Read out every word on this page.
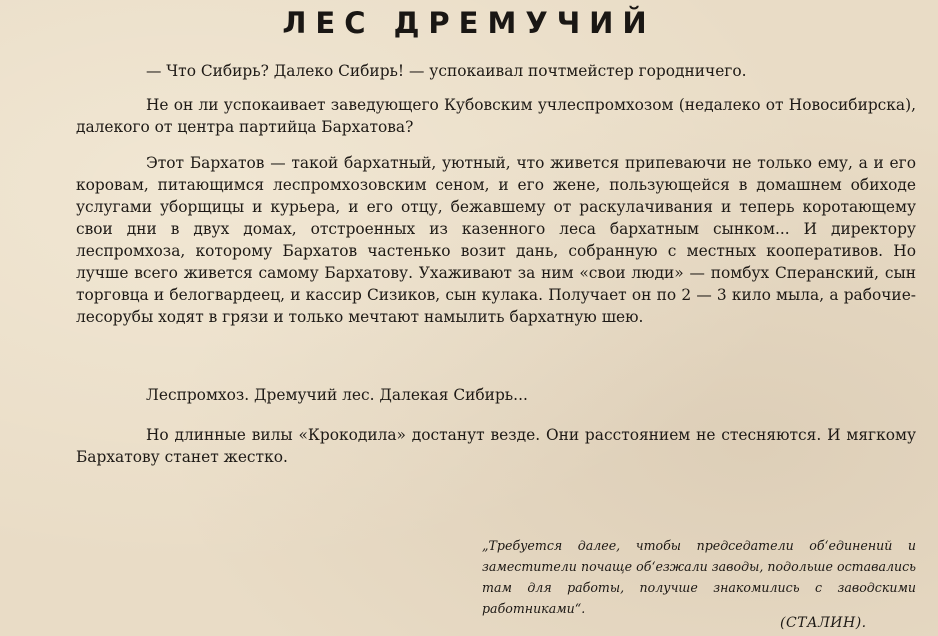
ЛЕС ДРЕМУЧИЙ

— Что Сибирь? Далеко Сибирь! — успокаивал почтмейстер городничего.

Не он ли успокаивает заведующего Кубовским учлеспромхозом (недалеко от Новосибирска), далекого от центра партийца Бархатова?

Этот Бархатов — такой бархатный, уютный, что живется припеваючи не только ему, а и его коровам, питающимся леспромхозовским сеном, и его жене, пользующейся в домашнем обиходе услугами уборщицы и курьера, и его отцу, бежавшему от раскулачивания и теперь коротающему свои дни в двух домах, отстроенных из казенного леса бархатным сынком... И директору леспромхоза, которому Бархатов частенько возит дань, собранную с местных кооперативов. Но лучше всего живется самому Бархатову. Ухаживают за ним «свои люди» — помбух Сперанский, сын торговца и белогвардеец, и кассир Сизиков, сын кулака. Получает он по 2 — 3 кило мыла, а рабочие-лесорубы ходят в грязи и только мечтают намылить бархатную шею.

Леспромхоз. Дремучий лес. Далекая Сибирь...

Но длинные вилы «Крокодила» достанут везде. Они расстоянием не стесняются. И мягкому Бархатову станет жестко.

„Требуется далее, чтобы председатели об‘единений и заместители почаще об‘езжали заводы, подольше оставались там для работы, получше знакомились с заводскими работниками“.

(СТАЛИН).
